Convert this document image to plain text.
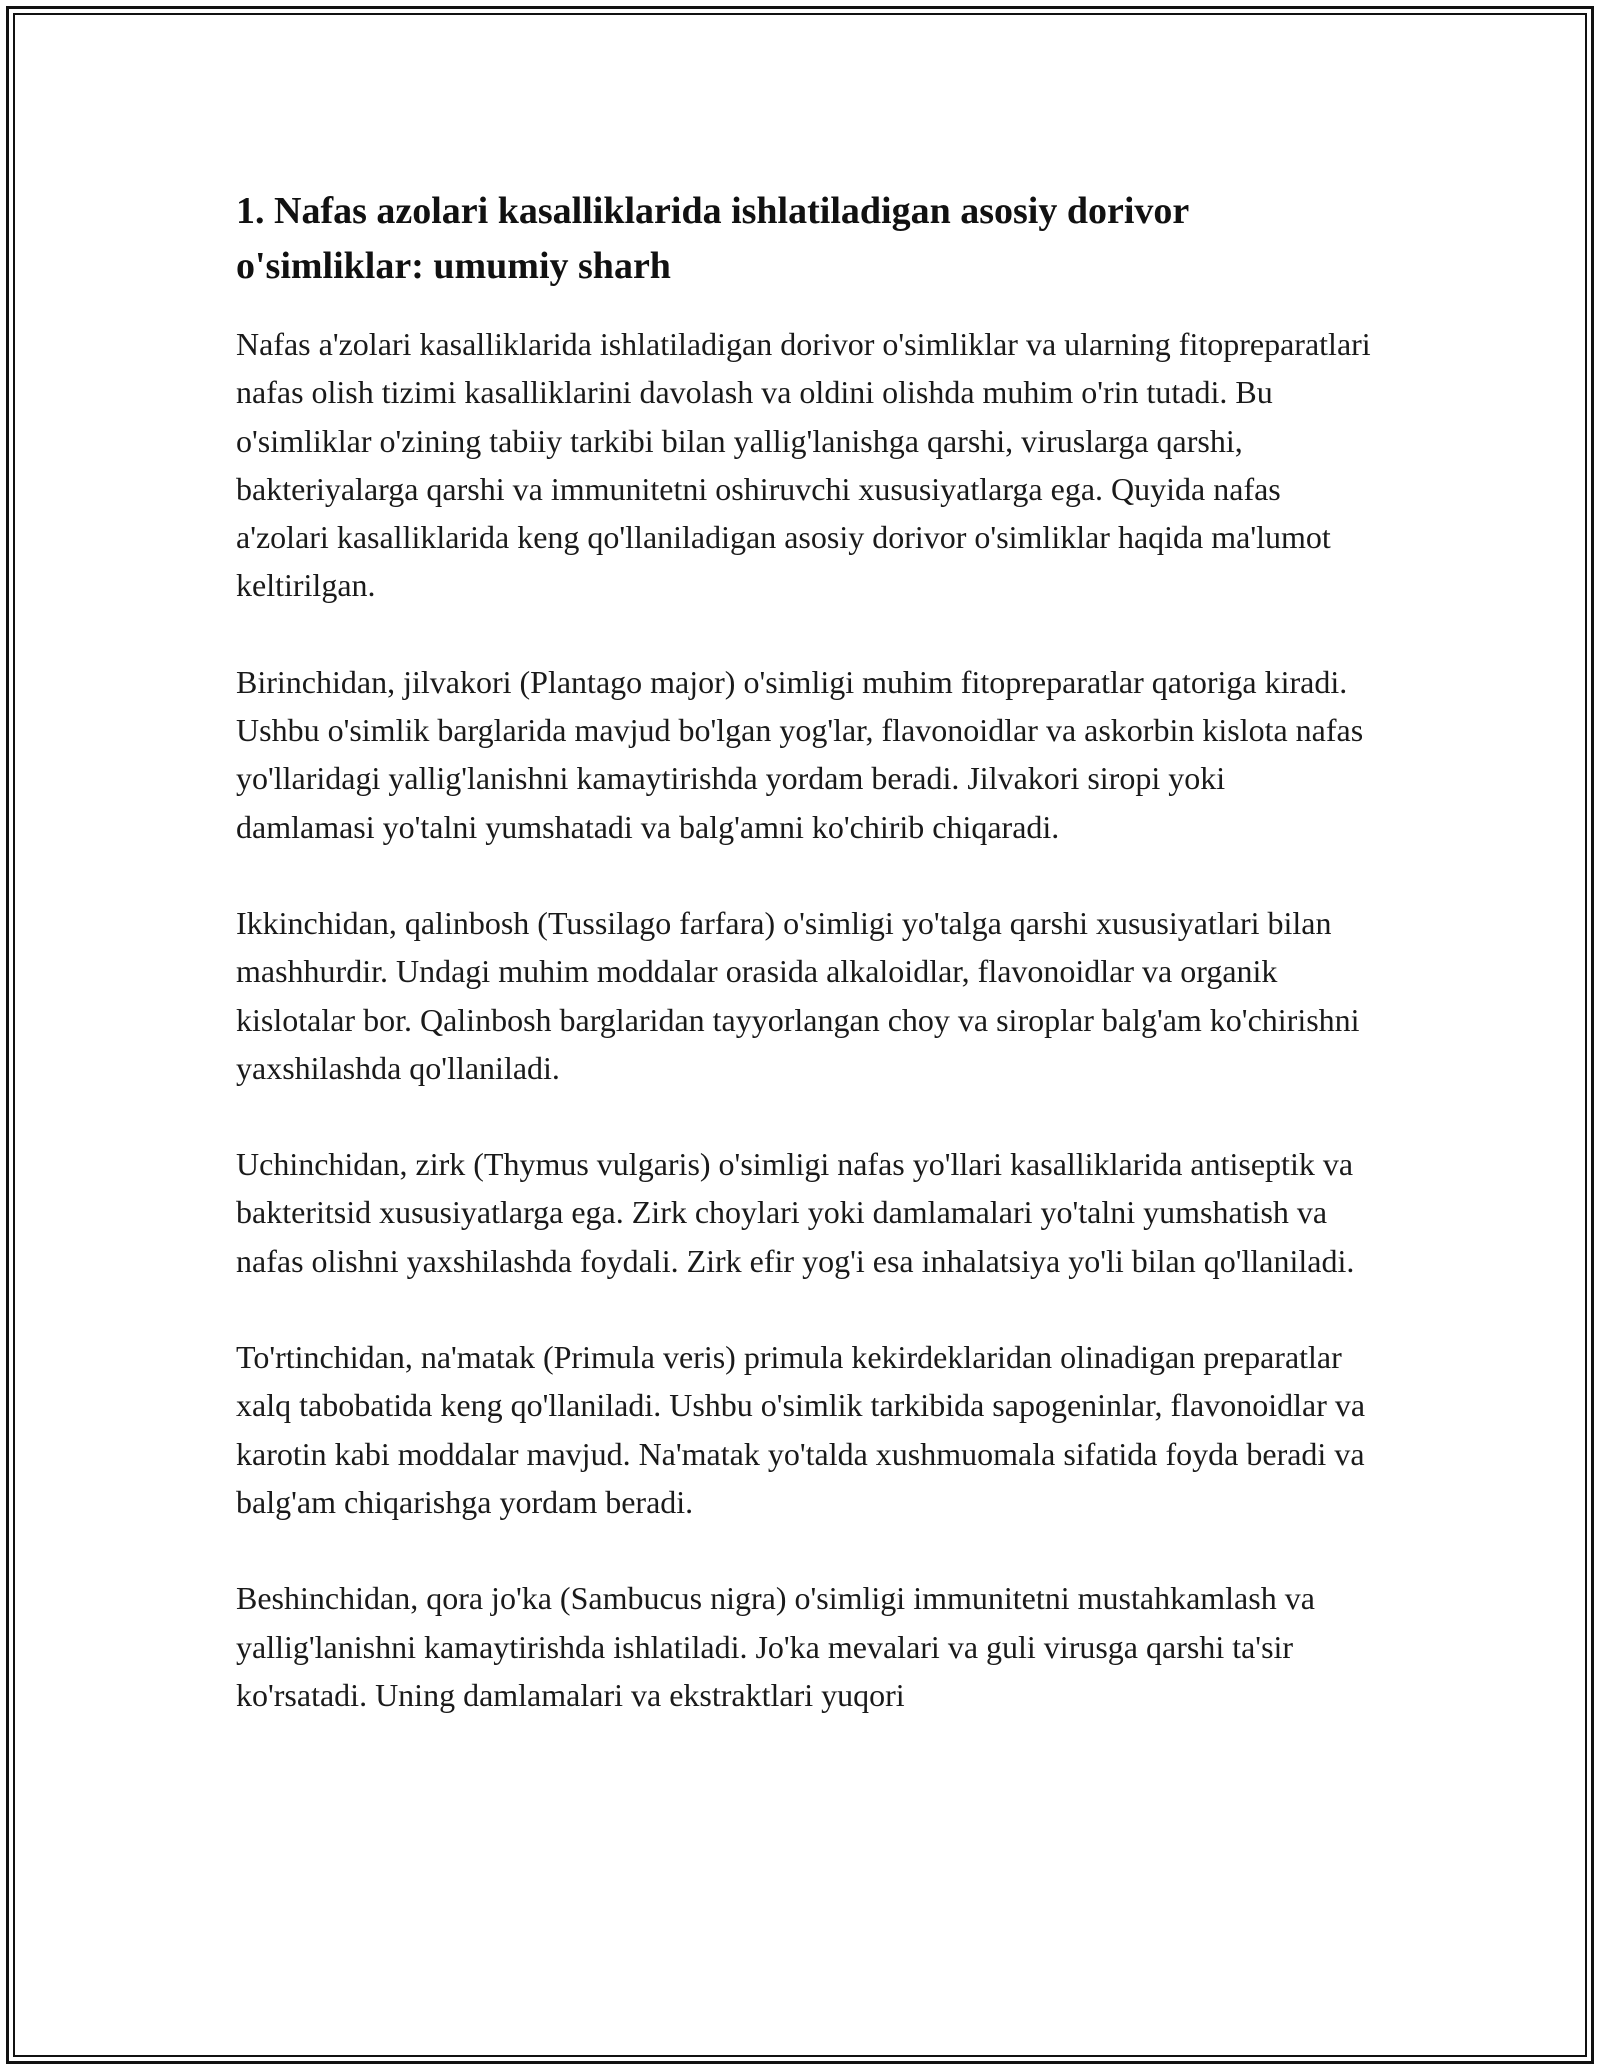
1. Nafas azolari kasalliklarida ishlatiladigan asosiy dorivor
o'simliklar: umumiy sharh

Nafas a'zolari kasalliklarida ishlatiladigan dorivor o'simliklar va ularning fitopreparatlari nafas olish tizimi kasalliklarini davolash va oldini olishda muhim o'rin tutadi. Bu o'simliklar o'zining tabiiy tarkibi bilan yallig'lanishga qarshi, viruslarga qarshi, bakteriyalarga qarshi va immunitetni oshiruvchi xususiyatlarga ega. Quyida nafas a'zolari kasalliklarida keng qo'llaniladigan asosiy dorivor o'simliklar haqida ma'lumot keltirilgan.

Birinchidan, jilvakori (Plantago major) o'simligi muhim fitopreparatlar qatoriga kiradi. Ushbu o'simlik barglarida mavjud bo'lgan yog'lar, flavonoidlar va askorbin kislota nafas yo'llaridagi yallig'lanishni kamaytirishda yordam beradi. Jilvakori siropi yoki damlamasi yo'talni yumshatadi va balg'amni ko'chirib chiqaradi.

Ikkinchidan, qalinbosh (Tussilago farfara) o'simligi yo'talga qarshi xususiyatlari bilan mashhurdir. Undagi muhim moddalar orasida alkaloidlar, flavonoidlar va organik kislotalar bor. Qalinbosh barglaridan tayyorlangan choy va siroplar balg'am ko'chirishni yaxshilashda qo'llaniladi.

Uchinchidan, zirk (Thymus vulgaris) o'simligi nafas yo'llari kasalliklarida antiseptik va bakteritsid xususiyatlarga ega. Zirk choylari yoki damlamalari yo'talni yumshatish va nafas olishni yaxshilashda foydali. Zirk efir yog'i esa inhalatsiya yo'li bilan qo'llaniladi.

To'rtinchidan, na'matak (Primula veris) primula kekirdeklaridan olinadigan preparatlar xalq tabobatida keng qo'llaniladi. Ushbu o'simlik tarkibida sapogeninlar, flavonoidlar va karotin kabi moddalar mavjud. Na'matak yo'talda xushmuomala sifatida foyda beradi va balg'am chiqarishga yordam beradi.

Beshinchidan, qora jo'ka (Sambucus nigra) o'simligi immunitetni mustahkamlash va yallig'lanishni kamaytirishda ishlatiladi. Jo'ka mevalari va guli virusga qarshi ta'sir ko'rsatadi. Uning damlamalari va ekstraktlari yuqori
